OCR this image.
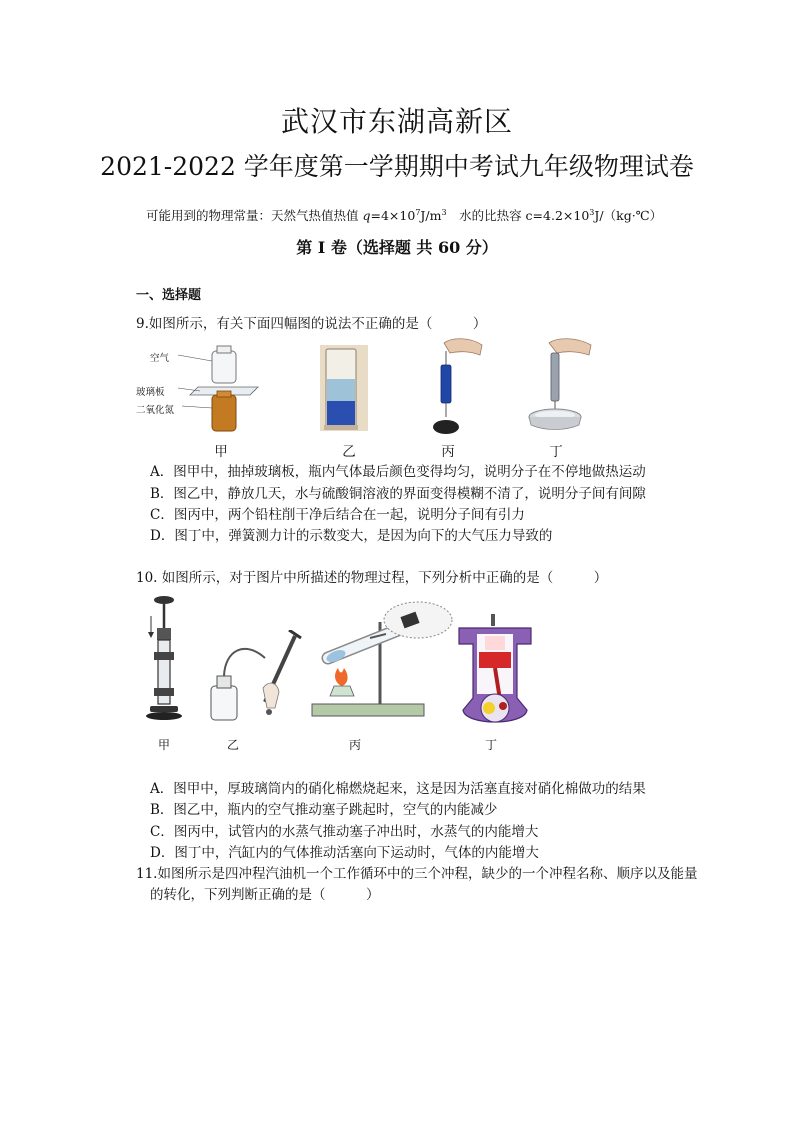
武汉市东湖高新区
2021-2022 学年度第一学期期中考试九年级物理试卷
可能用到的物理常量：天然气热值热值 $q=4\times 10^7J/m^3$　水的比热容 $c=4.2\times 10^3J/(kg\cdot℃)$
第 I 卷（选择题 共 60 分）
一、选择题
9.如图所示，有关下面四幅图的说法不正确的是（　　　）
空气
玻璃板
二氧化氮
甲	乙	丙	丁
A．图甲中，抽掉玻璃板，瓶内气体最后颜色变得均匀，说明分子在不停地做热运动
B．图乙中，静放几天，水与硫酸铜溶液的界面变得模糊不清了，说明分子间有间隙
C．图丙中，两个铅柱削干净后结合在一起，说明分子间有引力
D．图丁中，弹簧测力计的示数变大，是因为向下的大气压力导致的
10. 如图所示，对于图片中所描述的物理过程，下列分析中正确的是（　　　）
甲	乙	丙	丁
A．图甲中，厚玻璃筒内的硝化棉燃烧起来，这是因为活塞直接对硝化棉做功的结果
B．图乙中，瓶内的空气推动塞子跳起时，空气的内能减少
C．图丙中，试管内的水蒸气推动塞子冲出时，水蒸气的内能增大
D．图丁中，汽缸内的气体推动活塞向下运动时，气体的内能增大
11.如图所示是四冲程汽油机一个工作循环中的三个冲程，缺少的一个冲程名称、顺序以及能量
的转化，下列判断正确的是（　　　）
